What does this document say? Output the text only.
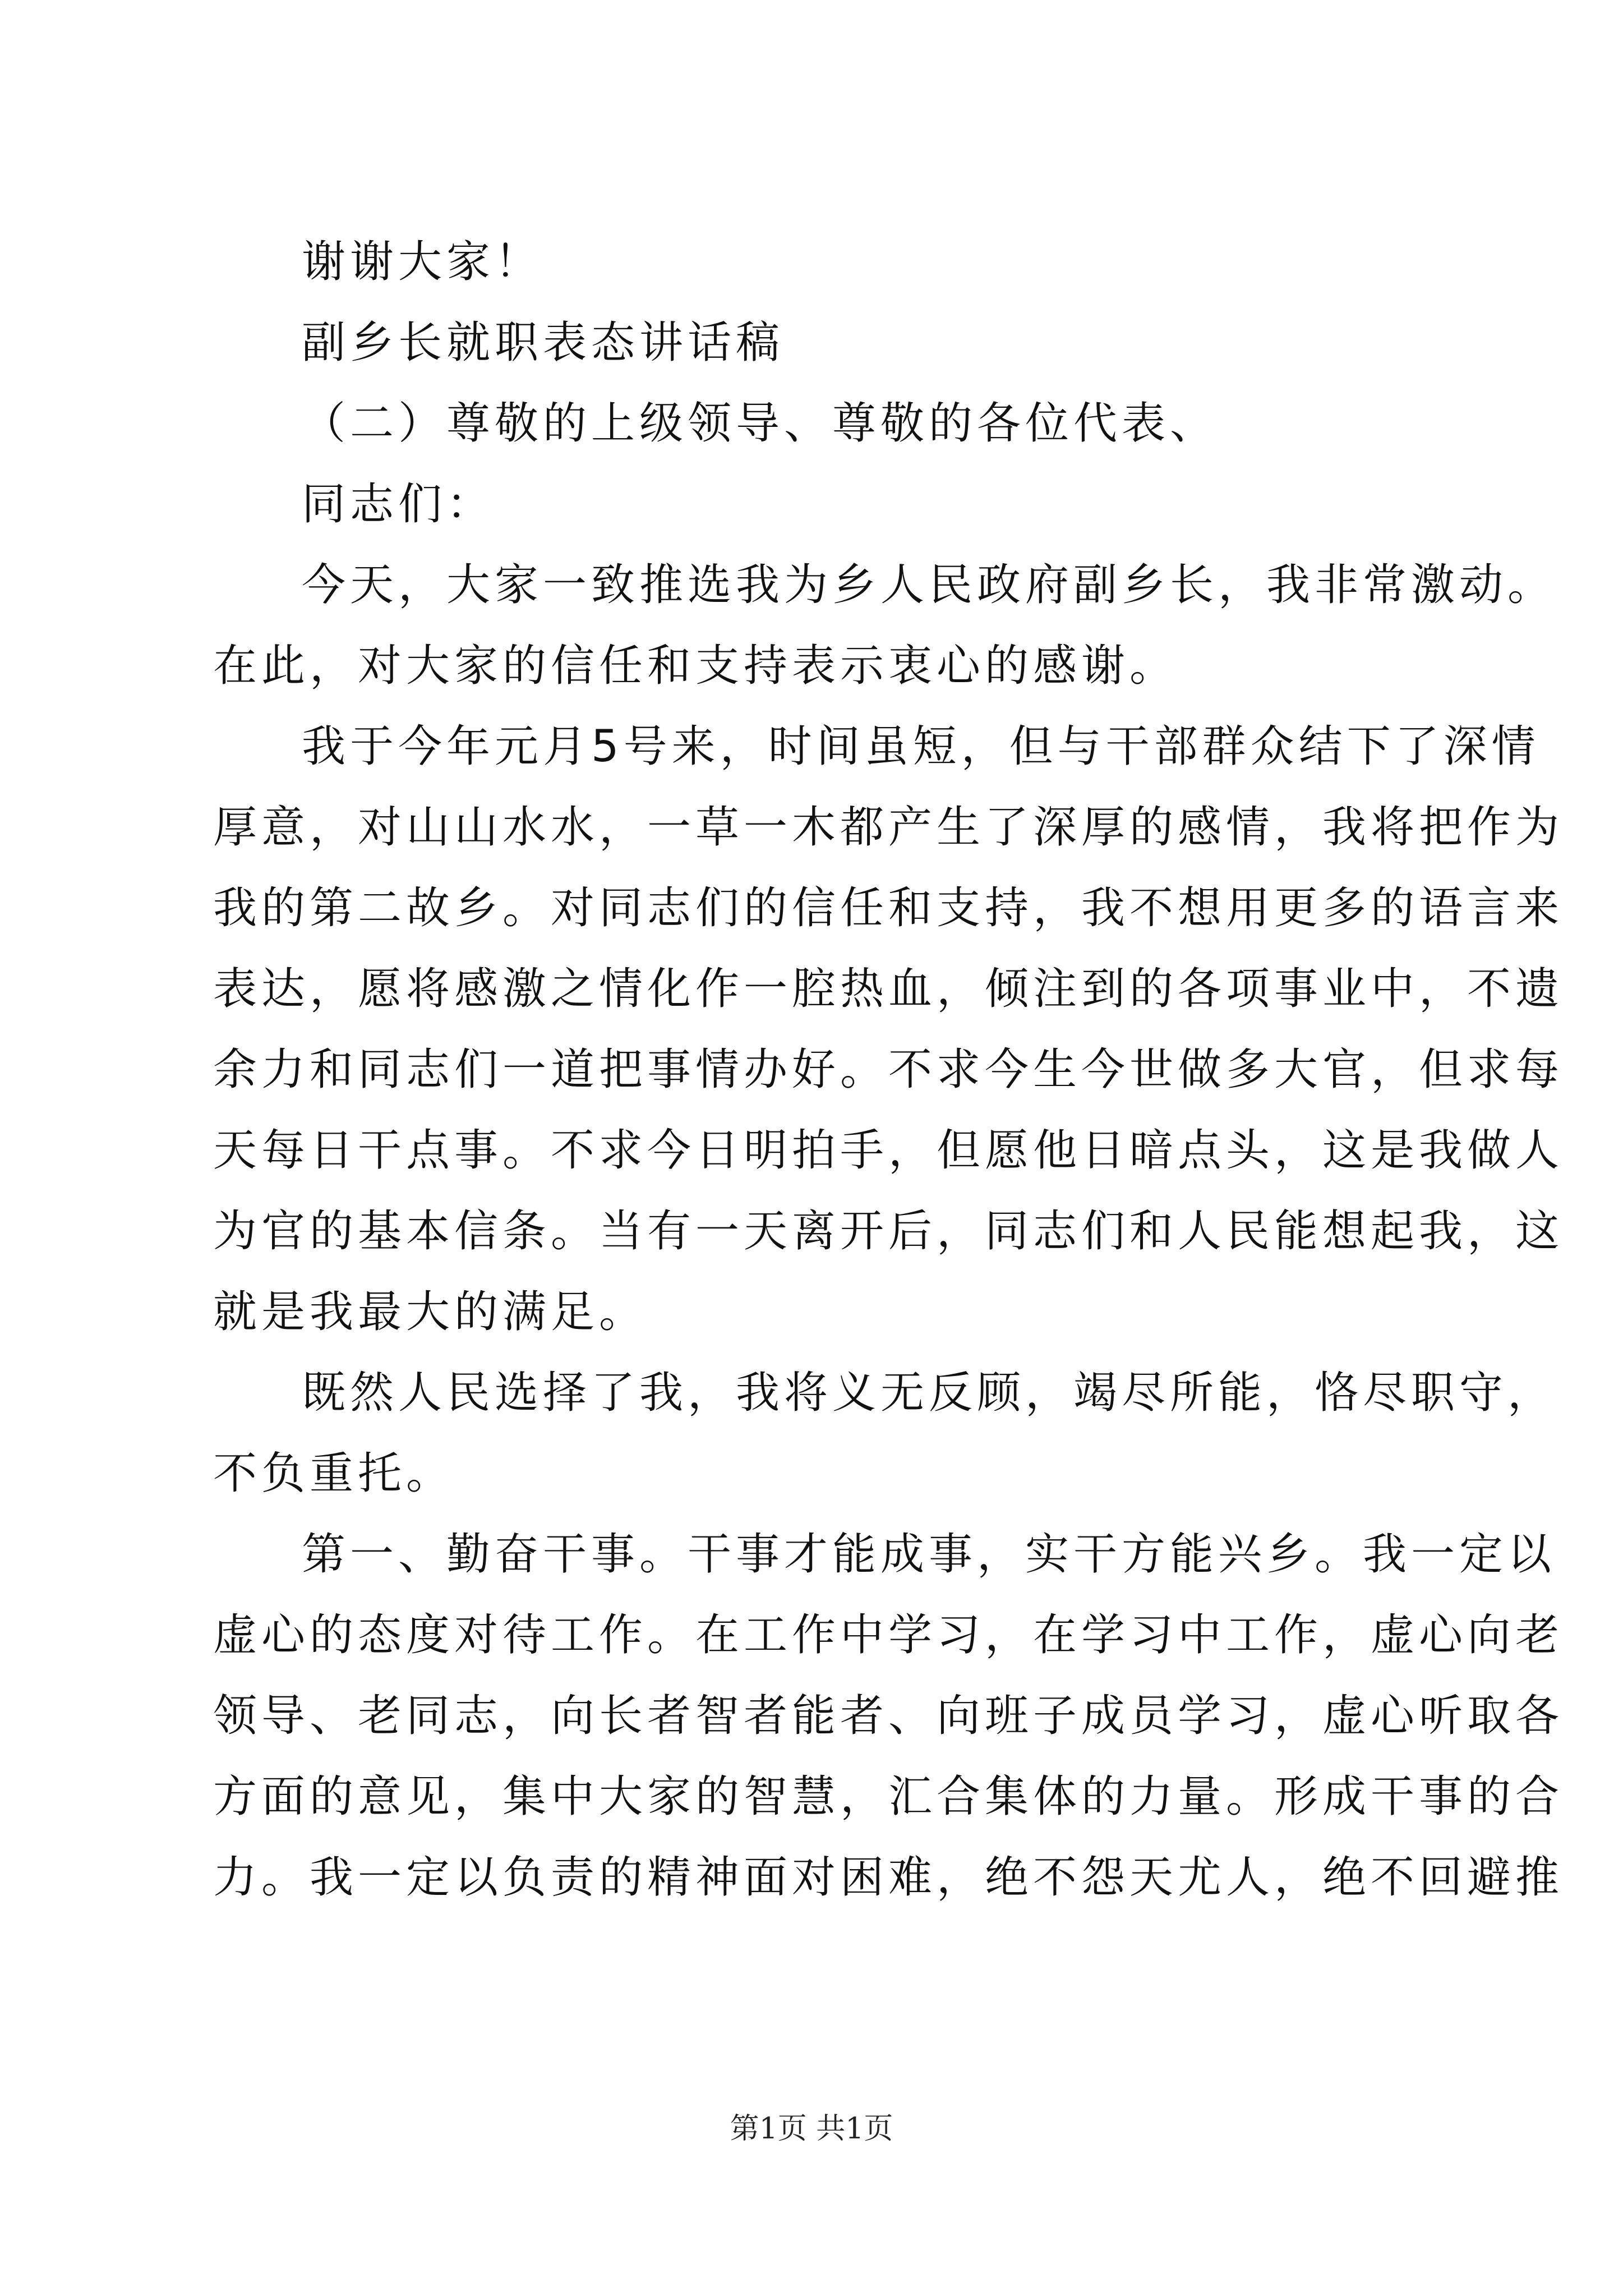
谢谢大家！

副乡长就职表态讲话稿

（二）尊敬的上级领导、尊敬的各位代表、

同志们：

今天，大家一致推选我为乡人民政府副乡长，我非常激动。

在此，对大家的信任和支持表示衷心的感谢。

我于今年元月5号来，时间虽短，但与干部群众结下了深情

厚意，对山山水水，一草一木都产生了深厚的感情，我将把作为

我的第二故乡。对同志们的信任和支持，我不想用更多的语言来

表达，愿将感激之情化作一腔热血，倾注到的各项事业中，不遗

余力和同志们一道把事情办好。不求今生今世做多大官，但求每

天每日干点事。不求今日明拍手，但愿他日暗点头，这是我做人

为官的基本信条。当有一天离开后，同志们和人民能想起我，这

就是我最大的满足。

既然人民选择了我，我将义无反顾，竭尽所能，恪尽职守，

不负重托。

第一、勤奋干事。干事才能成事，实干方能兴乡。我一定以

虚心的态度对待工作。在工作中学习，在学习中工作，虚心向老

领导、老同志，向长者智者能者、向班子成员学习，虚心听取各

方面的意见，集中大家的智慧，汇合集体的力量。形成干事的合

力。我一定以负责的精神面对困难，绝不怨天尤人，绝不回避推

第1页 共1页
